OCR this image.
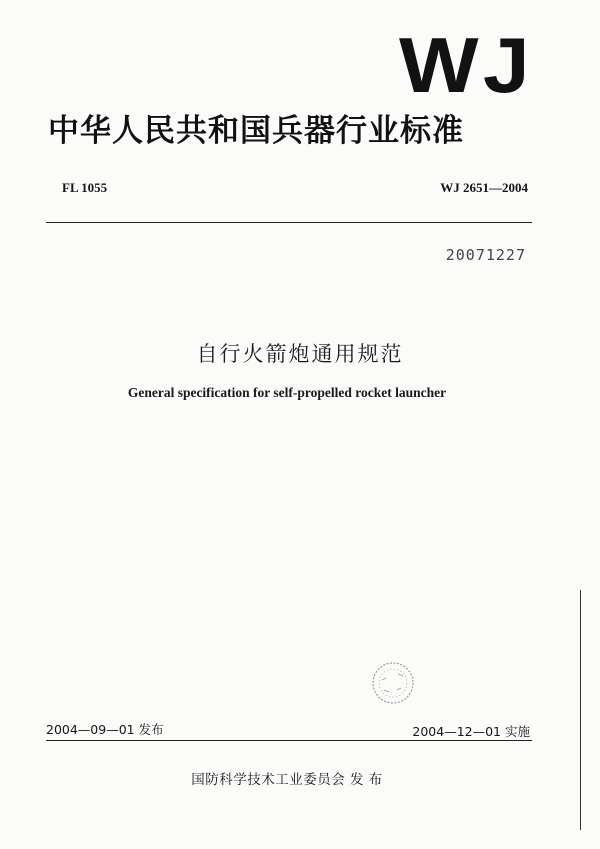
WJ
中华人民共和国兵器行业标准
FL 1055	WJ 2651—2004
20071227
自行火箭炮通用规范
General specification for self-propelled rocket launcher
2004—09—01 发布	2004—12—01 实施
国防科学技术工业委员会 发 布
